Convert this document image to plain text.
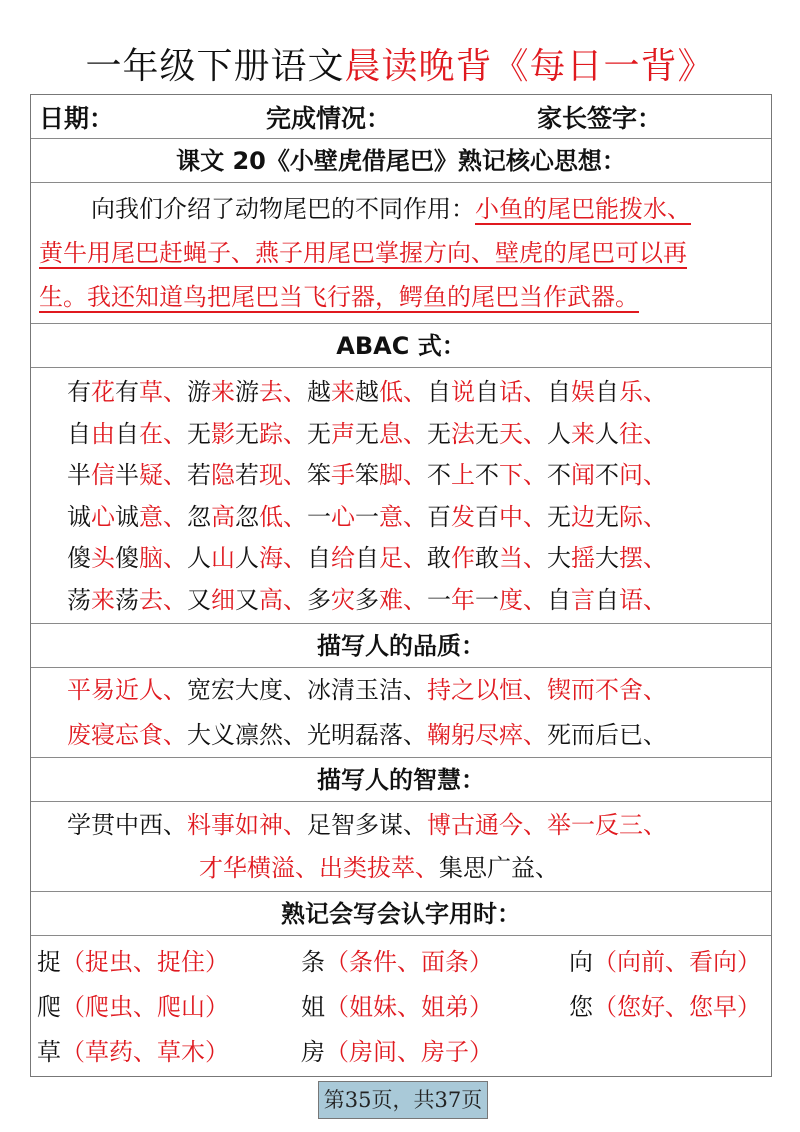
一年级下册语文晨读晚背《每日一背》
日期：	完成情况：	家长签字：
课文 20《小壁虎借尾巴》熟记核心思想：
向我们介绍了动物尾巴的不同作用：小鱼的尾巴能拨水、
黄牛用尾巴赶蝇子、燕子用尾巴掌握方向、壁虎的尾巴可以再
生。我还知道鸟把尾巴当飞行器，鳄鱼的尾巴当作武器。
ABAC 式：
有花有草、游来游去、越来越低、自说自话、自娱自乐、
自由自在、无影无踪、无声无息、无法无天、人来人往、
半信半疑、若隐若现、笨手笨脚、不上不下、不闻不问、
诚心诚意、忽高忽低、一心一意、百发百中、无边无际、
傻头傻脑、人山人海、自给自足、敢作敢当、大摇大摆、
荡来荡去、又细又高、多灾多难、一年一度、自言自语、
描写人的品质：
平易近人、宽宏大度、冰清玉洁、持之以恒、锲而不舍、
废寝忘食、大义凛然、光明磊落、鞠躬尽瘁、死而后已、
描写人的智慧：
学贯中西、料事如神、足智多谋、博古通今、举一反三、
才华横溢、出类拔萃、集思广益、
熟记会写会认字用时：
捉（捉虫、捉住）	条（条件、面条）	向（向前、看向）
爬（爬虫、爬山）	姐（姐妹、姐弟）	您（您好、您早）
草（草药、草木）	房（房间、房子）
第35页，共37页
